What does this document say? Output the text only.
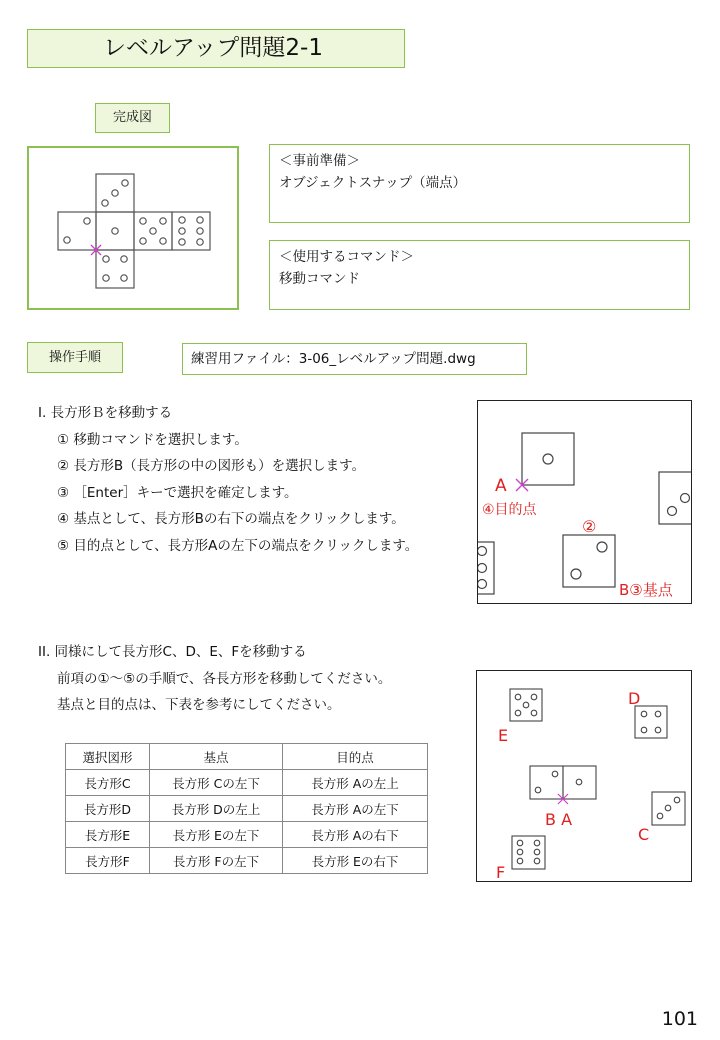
レベルアップ問題2-1
完成図
＜事前準備＞
オブジェクトスナップ（端点）
＜使用するコマンド＞
移動コマンド
操作手順	練習用ファイル：3-06_レベルアップ問題.dwg
I. 長方形Ｂを移動する
① 移動コマンドを選択します。
② 長方形B（長方形の中の図形も）を選択します。
③ ［Enter］キーで選択を確定します。
④ 基点として、長方形Bの右下の端点をクリックします。
⑤ 目的点として、長方形Aの左下の端点をクリックします。
A
④目的点
②
B③基点
II. 同様にして長方形C、D、E、Fを移動する
前項の①～⑤の手順で、各長方形を移動してください。
基点と目的点は、下表を参考にしてください。
選択図形	基点	目的点
長方形C	長方形 Cの左下	長方形 Aの左上
長方形D	長方形 Dの左上	長方形 Aの左下
長方形E	長方形 Eの左下	長方形 Aの右下
長方形F	長方形 Fの左下	長方形 Eの右下
D
E
B A
C
F
101
